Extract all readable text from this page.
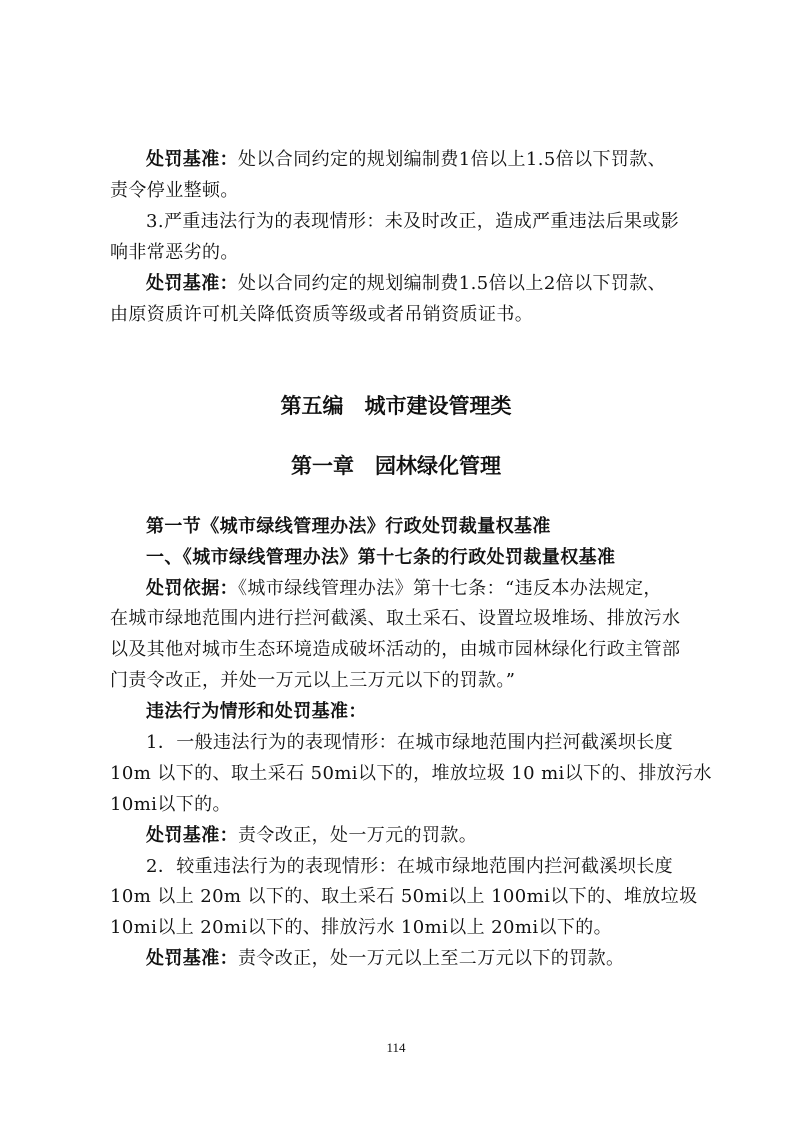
处罚基准：处以合同约定的规划编制费1倍以上1.5倍以下罚款、
责令停业整顿。
3.严重违法行为的表现情形：未及时改正，造成严重违法后果或影
响非常恶劣的。
处罚基准：处以合同约定的规划编制费1.5倍以上2倍以下罚款、
由原资质许可机关降低资质等级或者吊销资质证书。
第五编　城市建设管理类
第一章　园林绿化管理
第一节《城市绿线管理办法》行政处罚裁量权基准
一、《城市绿线管理办法》第十七条的行政处罚裁量权基准
处罚依据：《城市绿线管理办法》第十七条：“违反本办法规定，
在城市绿地范围内进行拦河截溪、取土采石、设置垃圾堆场、排放污水
以及其他对城市生态环境造成破坏活动的，由城市园林绿化行政主管部
门责令改正，并处一万元以上三万元以下的罚款。”
违法行为情形和处罚基准：
1．一般违法行为的表现情形：在城市绿地范围内拦河截溪坝长度
10m 以下的、取土采石 50mi以下的，堆放垃圾 10 mi以下的、排放污水
10mi以下的。
处罚基准：责令改正，处一万元的罚款。
2．较重违法行为的表现情形：在城市绿地范围内拦河截溪坝长度
10m 以上 20m 以下的、取土采石 50mi以上 100mi以下的、堆放垃圾
10mi以上 20mi以下的、排放污水 10mi以上 20mi以下的。
处罚基准：责令改正，处一万元以上至二万元以下的罚款。
114
